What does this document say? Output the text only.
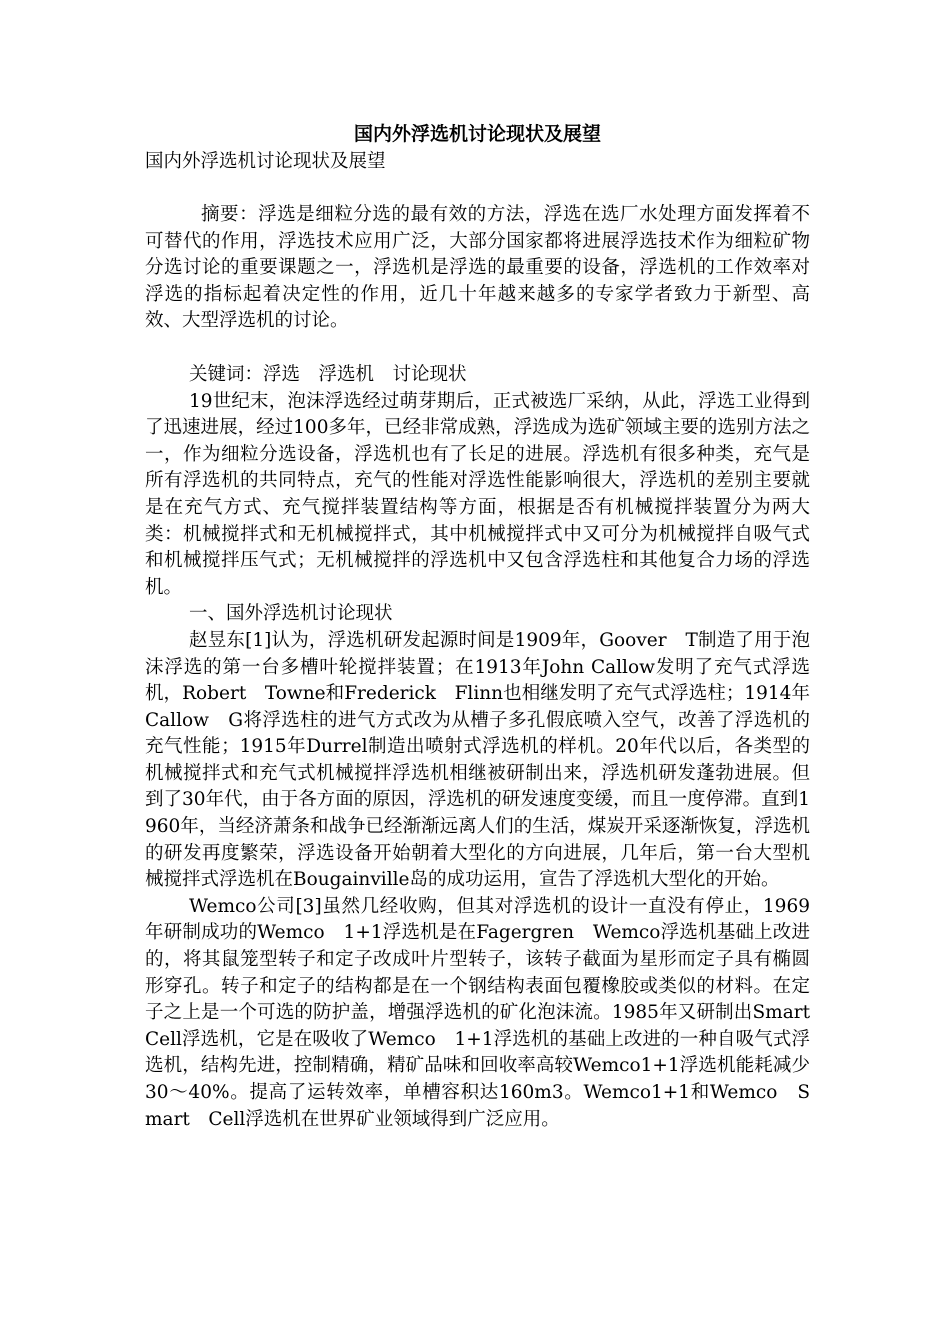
国内外浮选机讨论现状及展望
国内外浮选机讨论现状及展望

摘要：浮选是细粒分选的最有效的方法，浮选在选厂水处理方面发挥着不可替代的作用，浮选技术应用广泛，大部分国家都将进展浮选技术作为细粒矿物分选讨论的重要课题之一，浮选机是浮选的最重要的设备，浮选机的工作效率对浮选的指标起着决定性的作用，近几十年越来越多的专家学者致力于新型、高效、大型浮选机的讨论。

关键词：浮选　浮选机　讨论现状

19世纪末，泡沫浮选经过萌芽期后，正式被选厂采纳，从此，浮选工业得到了迅速进展，经过100多年，已经非常成熟，浮选成为选矿领域主要的选别方法之一，作为细粒分选设备，浮选机也有了长足的进展。浮选机有很多种类，充气是所有浮选机的共同特点，充气的性能对浮选性能影响很大，浮选机的差别主要就是在充气方式、充气搅拌装置结构等方面，根据是否有机械搅拌装置分为两大类：机械搅拌式和无机械搅拌式，其中机械搅拌式中又可分为机械搅拌自吸气式和机械搅拌压气式；无机械搅拌的浮选机中又包含浮选柱和其他复合力场的浮选机。

一、国外浮选机讨论现状

赵昱东[1]认为，浮选机研发起源时间是1909年，Goover　T制造了用于泡沫浮选的第一台多槽叶轮搅拌装置；在1913年John Callow发明了充气式浮选机，Robert　Towne和Frederick　Flinn也相继发明了充气式浮选柱；1914年Callow　G将浮选柱的进气方式改为从槽子多孔假底喷入空气，改善了浮选机的充气性能；1915年Durrel制造出喷射式浮选机的样机。20年代以后，各类型的机械搅拌式和充气式机械搅拌浮选机相继被研制出来，浮选机研发蓬勃进展。但到了30年代，由于各方面的原因，浮选机的研发速度变缓，而且一度停滞。直到1960年，当经济萧条和战争已经渐渐远离人们的生活，煤炭开采逐渐恢复，浮选机的研发再度繁荣，浮选设备开始朝着大型化的方向进展，几年后，第一台大型机械搅拌式浮选机在Bougainville岛的成功运用，宣告了浮选机大型化的开始。

Wemco公司[3]虽然几经收购，但其对浮选机的设计一直没有停止，1969年研制成功的Wemco　1+1浮选机是在Fagergren　Wemco浮选机基础上改进的，将其鼠笼型转子和定子改成叶片型转子，该转子截面为星形而定子具有椭圆形穿孔。转子和定子的结构都是在一个钢结构表面包覆橡胶或类似的材料。在定子之上是一个可选的防护盖，增强浮选机的矿化泡沫流。1985年又研制出Smart　Cell浮选机，它是在吸收了Wemco　1+1浮选机的基础上改进的一种自吸气式浮选机，结构先进，控制精确，精矿品味和回收率高较Wemco1+1浮选机能耗减少30～40%。提高了运转效率，单槽容积达160m3。Wemco1+1和Wemco　Smart　Cell浮选机在世界矿业领域得到广泛应用。
